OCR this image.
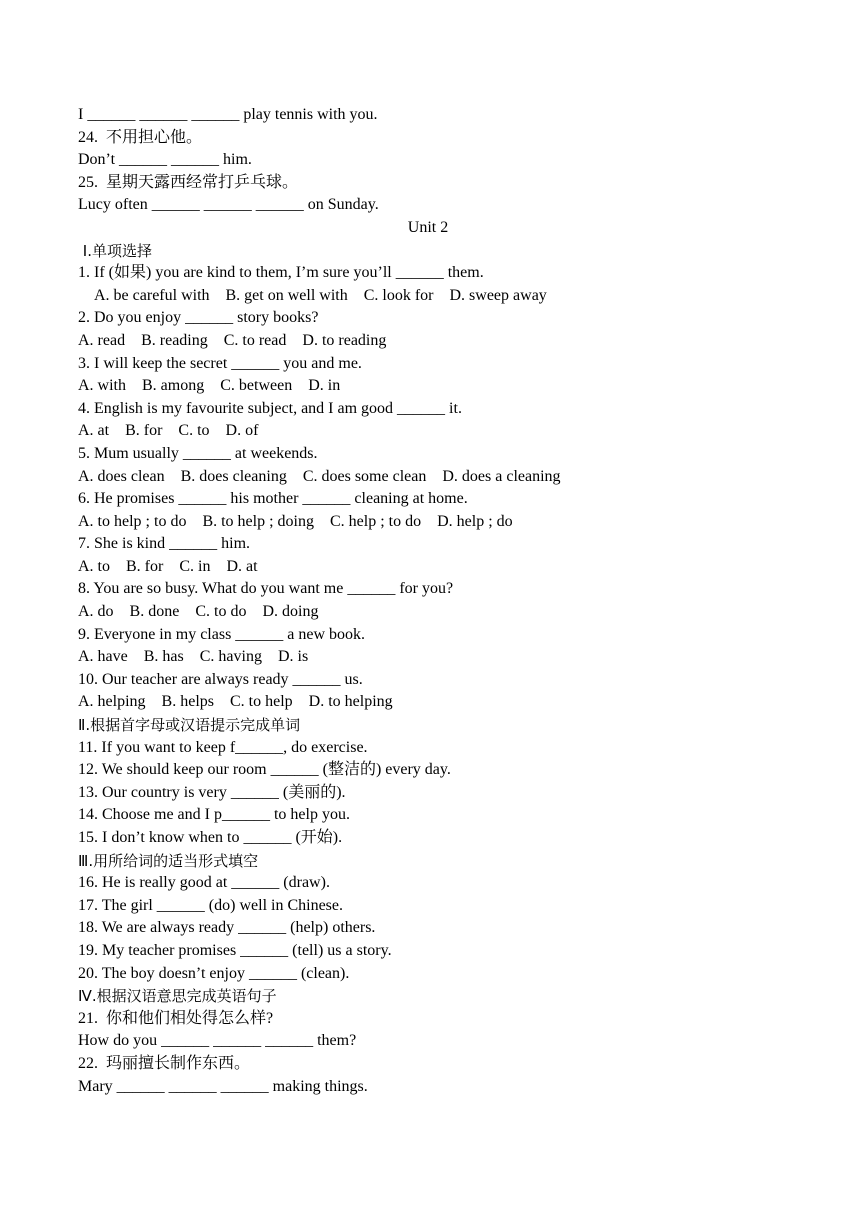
I ______ ______ ______ play tennis with you.
24.  不用担心他。
Don’t ______ ______ him.
25.  星期天露西经常打乒乓球。
Lucy often ______ ______ ______ on Sunday.
Unit 2
Ⅰ.单项选择
1. If (如果) you are kind to them, I’m sure you’ll ______ them.
A. be careful with    B. get on well with    C. look for    D. sweep away
2. Do you enjoy ______ story books?
A. read    B. reading    C. to read    D. to reading
3. I will keep the secret ______ you and me.
A. with    B. among    C. between    D. in
4. English is my favourite subject, and I am good ______ it.
A. at    B. for    C. to    D. of
5. Mum usually ______ at weekends.
A. does clean    B. does cleaning    C. does some clean    D. does a cleaning
6. He promises ______ his mother ______ cleaning at home.
A. to help ; to do    B. to help ; doing    C. help ; to do    D. help ; do
7. She is kind ______ him.
A. to    B. for    C. in    D. at
8. You are so busy. What do you want me ______ for you?
A. do    B. done    C. to do    D. doing
9. Everyone in my class ______ a new book.
A. have    B. has    C. having    D. is
10. Our teacher are always ready ______ us.
A. helping    B. helps    C. to help    D. to helping
Ⅱ.根据首字母或汉语提示完成单词
11. If you want to keep f______, do exercise.
12. We should keep our room ______ (整洁的) every day.
13. Our country is very ______ (美丽的).
14. Choose me and I p______ to help you.
15. I don’t know when to ______ (开始).
Ⅲ.用所给词的适当形式填空
16. He is really good at ______ (draw).
17. The girl ______ (do) well in Chinese.
18. We are always ready ______ (help) others.
19. My teacher promises ______ (tell) us a story.
20. The boy doesn’t enjoy ______ (clean).
Ⅳ.根据汉语意思完成英语句子
21.  你和他们相处得怎么样?
How do you ______ ______ ______ them?
22.  玛丽擅长制作东西。
Mary ______ ______ ______ making things.
